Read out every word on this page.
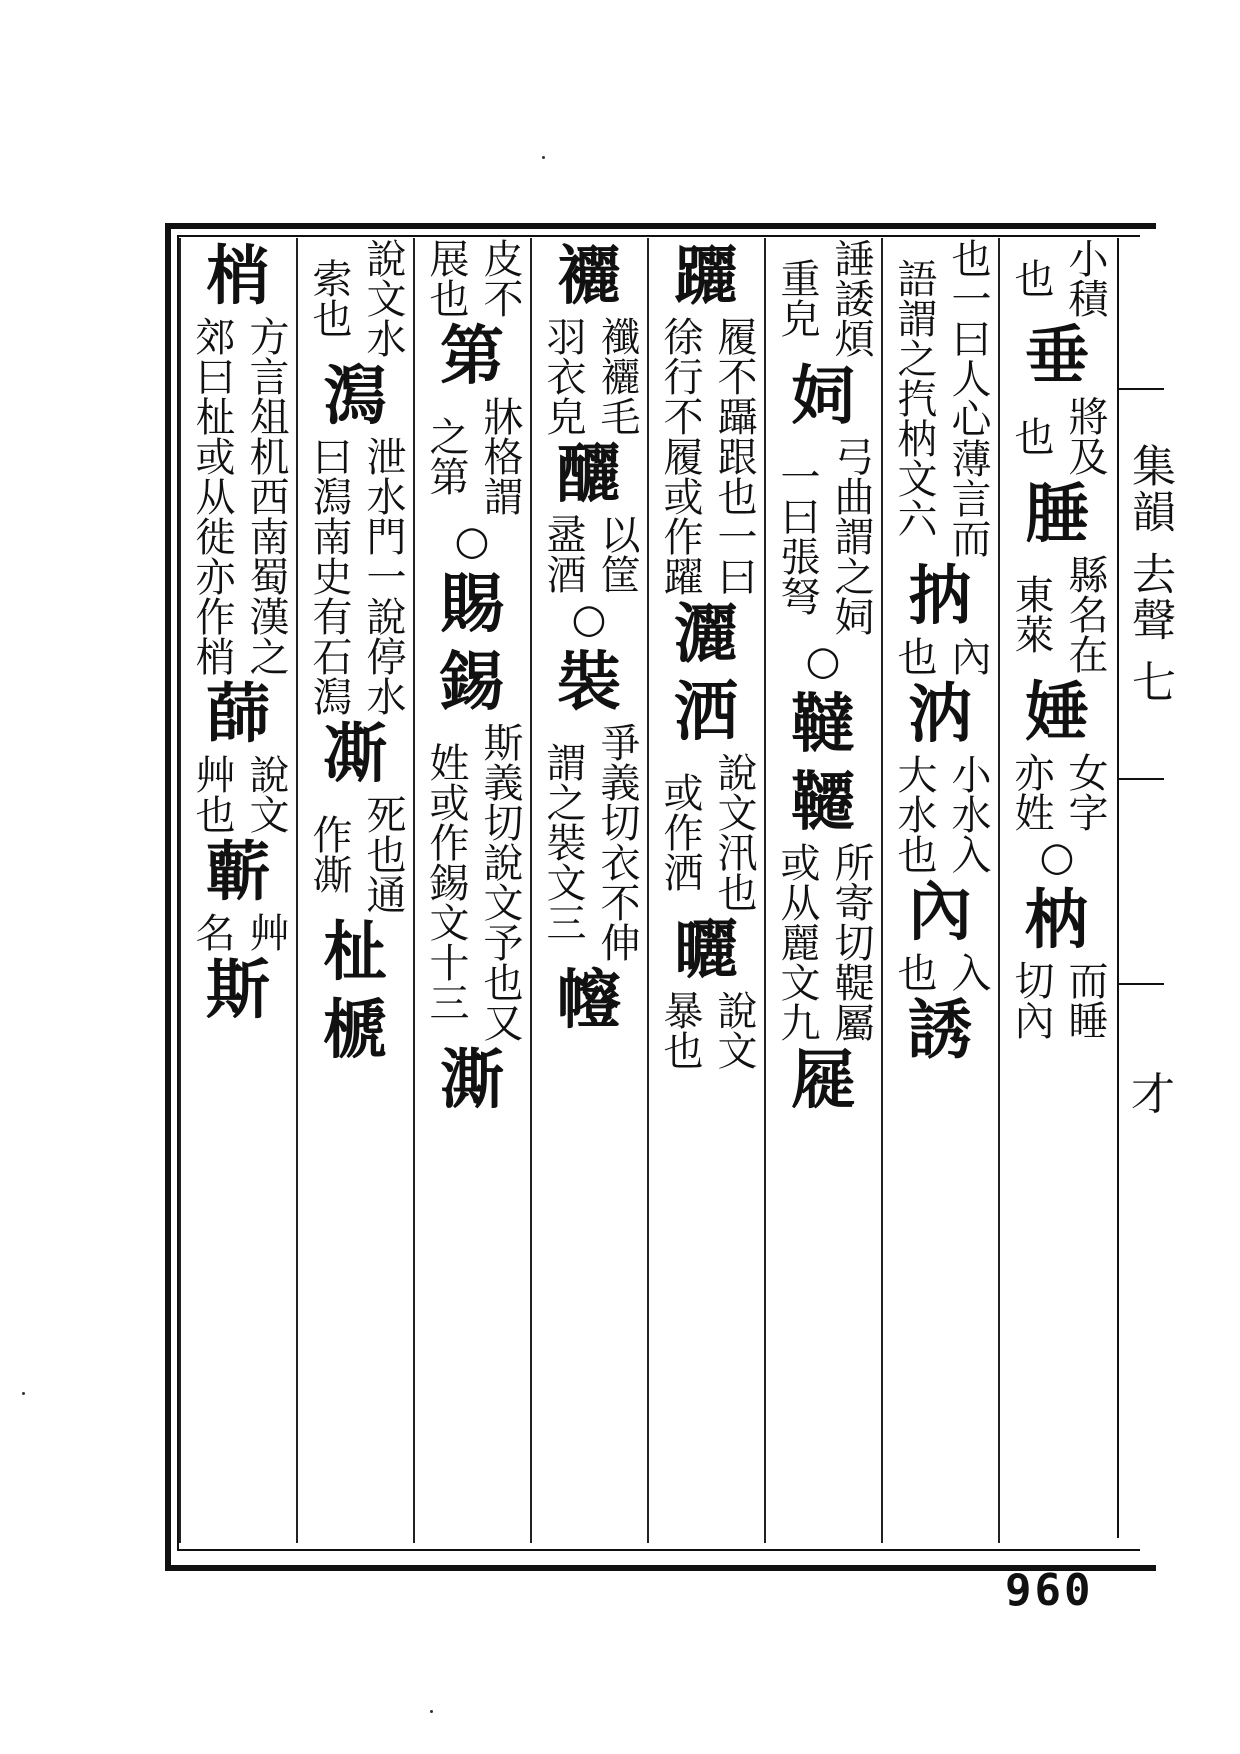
集韻 去聲 七
才
小積
也
垂
將及
也
腄
縣名在
東萊
娷
女字
亦姓
○
枘
而睡
切內
也一曰人心薄言而
語謂之㧉枘文六
抐
內
也
汭
小水入
大水也
內
入
也
誘
諈諉煩
重皃
㚸
弓曲謂之㚸
一曰張弩
○
韃
韆
所寄切鞮屬
或从麗文九
屣
躧
履不躡跟也一曰
徐行不履或作躍
灑
洒
說文汛也
或作洒
曬
說文
暴也
襹
襳襹毛
羽衣皃
釃
以筐
盝酒
○
裝
爭義切衣不伸
謂之裝文三
㡧
皮不
展也
第
牀格謂
之第
○
賜
錫
斯義切說文予也又
姓或作錫文十三
澌
說文水
索也
澙
泄水門一說停水
曰澙南史有石澙
凘
死也通
作凘
杫
榹
梢
方言俎机西南蜀漢之
郊曰杫或从徙亦作梢
蒒
說文
艸也
蘄
艸
名
斯
960
